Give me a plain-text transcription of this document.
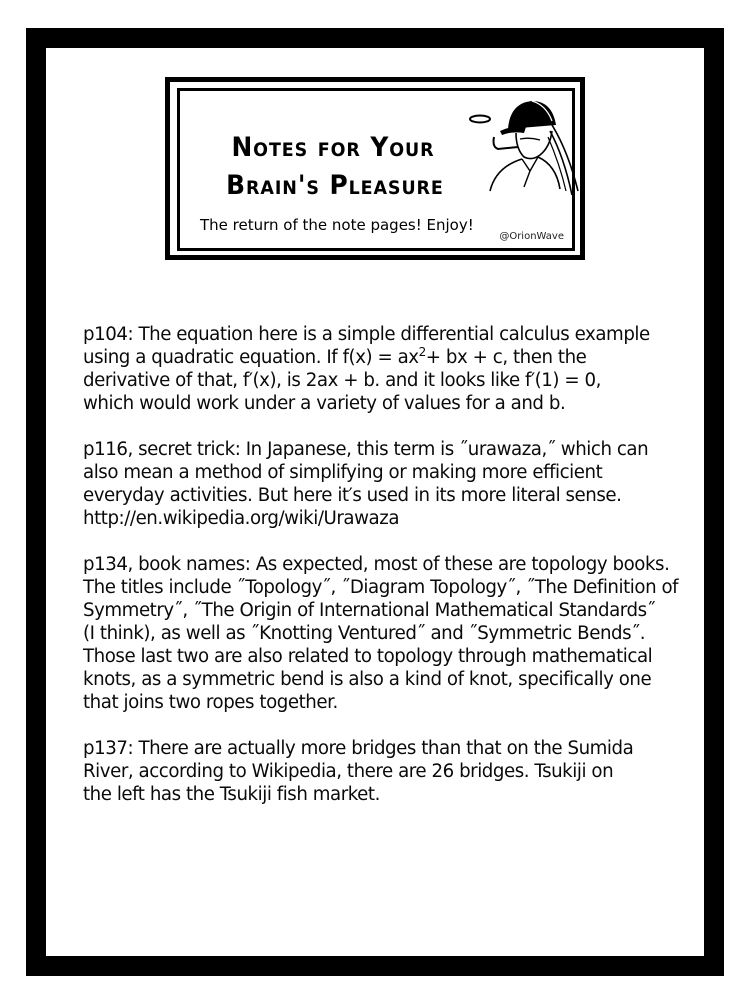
Notes for Your
Brain's Pleasure
The return of the note pages! Enjoy!
@OrionWave

p104: The equation here is a simple differential calculus example
using a quadratic equation. If $f(x) = ax^2+$ bx + c, then the
derivative of that, f′(x), is 2ax + b. and it looks like f′(1) = 0,
which would work under a variety of values for a and b.

p116, secret trick: In Japanese, this term is ˝urawaza,˝ which can
also mean a method of simplifying or making more efficient
everyday activities. But here it′s used in its more literal sense.
http://en.wikipedia.org/wiki/Urawaza

p134, book names: As expected, most of these are topology books.
The titles include ˝Topology˝, ˝Diagram Topology˝, ˝The Definition of
Symmetry˝, ˝The Origin of International Mathematical Standards˝
(I think), as well as ˝Knotting Ventured˝ and ˝Symmetric Bends˝.
Those last two are also related to topology through mathematical
knots, as a symmetric bend is also a kind of knot, specifically one
that joins two ropes together.

p137: There are actually more bridges than that on the Sumida
River, according to Wikipedia, there are 26 bridges. Tsukiji on
the left has the Tsukiji fish market.
